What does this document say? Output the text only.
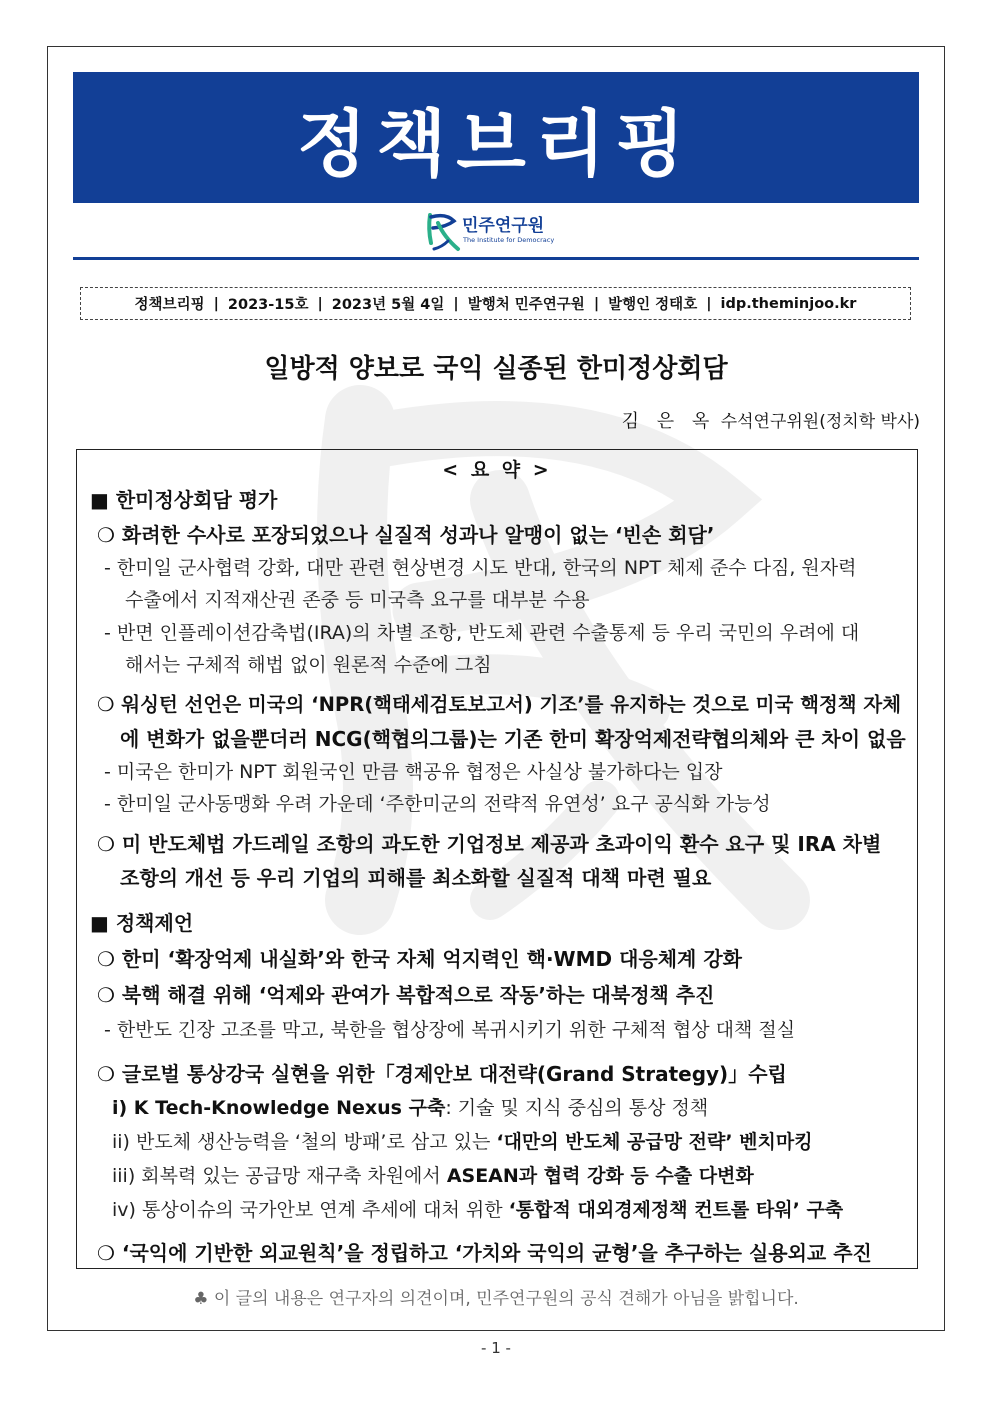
정책브리핑
민주연구원
The Institute for Democracy
정책브리핑 | 2023-15호 | 2023년 5월 4일 | 발행처 민주연구원 | 발행인 정태호 | idp.theminjoo.kr
일방적 양보로 국익 실종된 한미정상회담
김 은 옥 수석연구위원(정치학 박사)
< 요 약 >
■ 한미정상회담 평가
❍ 화려한 수사로 포장되었으나 실질적 성과나 알맹이 없는 ‘빈손 회담’
- 한미일 군사협력 강화, 대만 관련 현상변경 시도 반대, 한국의 NPT 체제 준수 다짐, 원자력
수출에서 지적재산권 존중 등 미국측 요구를 대부분 수용
- 반면 인플레이션감축법(IRA)의 차별 조항, 반도체 관련 수출통제 등 우리 국민의 우려에 대
해서는 구체적 해법 없이 원론적 수준에 그침
❍ 워싱턴 선언은 미국의 ‘NPR(핵태세검토보고서) 기조’를 유지하는 것으로 미국 핵정책 자체
에 변화가 없을뿐더러 NCG(핵협의그룹)는 기존 한미 확장억제전략협의체와 큰 차이 없음
- 미국은 한미가 NPT 회원국인 만큼 핵공유 협정은 사실상 불가하다는 입장
- 한미일 군사동맹화 우려 가운데 ‘주한미군의 전략적 유연성’ 요구 공식화 가능성
❍ 미 반도체법 가드레일 조항의 과도한 기업정보 제공과 초과이익 환수 요구 및 IRA 차별
조항의 개선 등 우리 기업의 피해를 최소화할 실질적 대책 마련 필요
■ 정책제언
❍ 한미 ‘확장억제 내실화’와 한국 자체 억지력인 핵·WMD 대응체계 강화
❍ 북핵 해결 위해 ‘억제와 관여가 복합적으로 작동’하는 대북정책 추진
- 한반도 긴장 고조를 막고, 북한을 협상장에 복귀시키기 위한 구체적 협상 대책 절실
❍ 글로벌 통상강국 실현을 위한「경제안보 대전략(Grand Strategy)」수립
i) K Tech-Knowledge Nexus 구축: 기술 및 지식 중심의 통상 정책
ii) 반도체 생산능력을 ‘철의 방패’로 삼고 있는 ‘대만의 반도체 공급망 전략’ 벤치마킹
iii) 회복력 있는 공급망 재구축 차원에서 ASEAN과 협력 강화 등 수출 다변화
iv) 통상이슈의 국가안보 연계 추세에 대처 위한 ‘통합적 대외경제정책 컨트롤 타워’ 구축
❍ ‘국익에 기반한 외교원칙’을 정립하고 ‘가치와 국익의 균형’을 추구하는 실용외교 추진
♣ 이 글의 내용은 연구자의 의견이며, 민주연구원의 공식 견해가 아님을 밝힙니다.
- 1 -
